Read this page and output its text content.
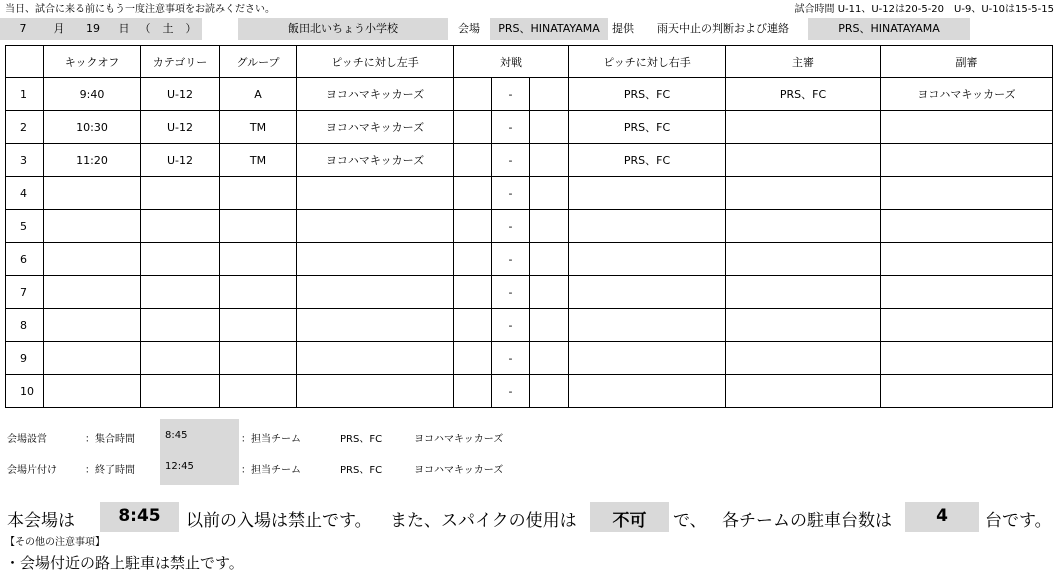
当日、試合に来る前にもう一度注意事項をお読みください。	試合時間 U-11、U-12は20-5-20　U-9、U-10は15-5-15
7	月	19	日 （	土	）	飯田北いちょう小学校	会場	PRS、HINATAYAMA	提供	雨天中止の判断および連絡	PRS、HINATAYAMA
	キックオフ	カテゴリー	グループ	ピッチに対し左手	対戦			ピッチに対し右手	主審	副審
1	9:40	U-12	A	ヨコハマキッカーズ		-		PRS、FC	PRS、FC	ヨコハマキッカーズ
2	10:30	U-12	TM	ヨコハマキッカーズ		-		PRS、FC		
3	11:20	U-12	TM	ヨコハマキッカーズ		-		PRS、FC		
4						-				
5						-				
6						-				
7						-				
8						-				
9						-				
10						-				
会場設営	：集合時間	8:45	：担当チーム	PRS、FC	ヨコハマキッカーズ
会場片付け	：終了時間	12:45	：担当チーム	PRS、FC	ヨコハマキッカーズ
本会場は	8:45	以前の入場は禁止です。 また、スパイクの使用は	不可	で、 各チームの駐車台数は	4	台です。
【その他の注意事項】
・会場付近の路上駐車は禁止です。
